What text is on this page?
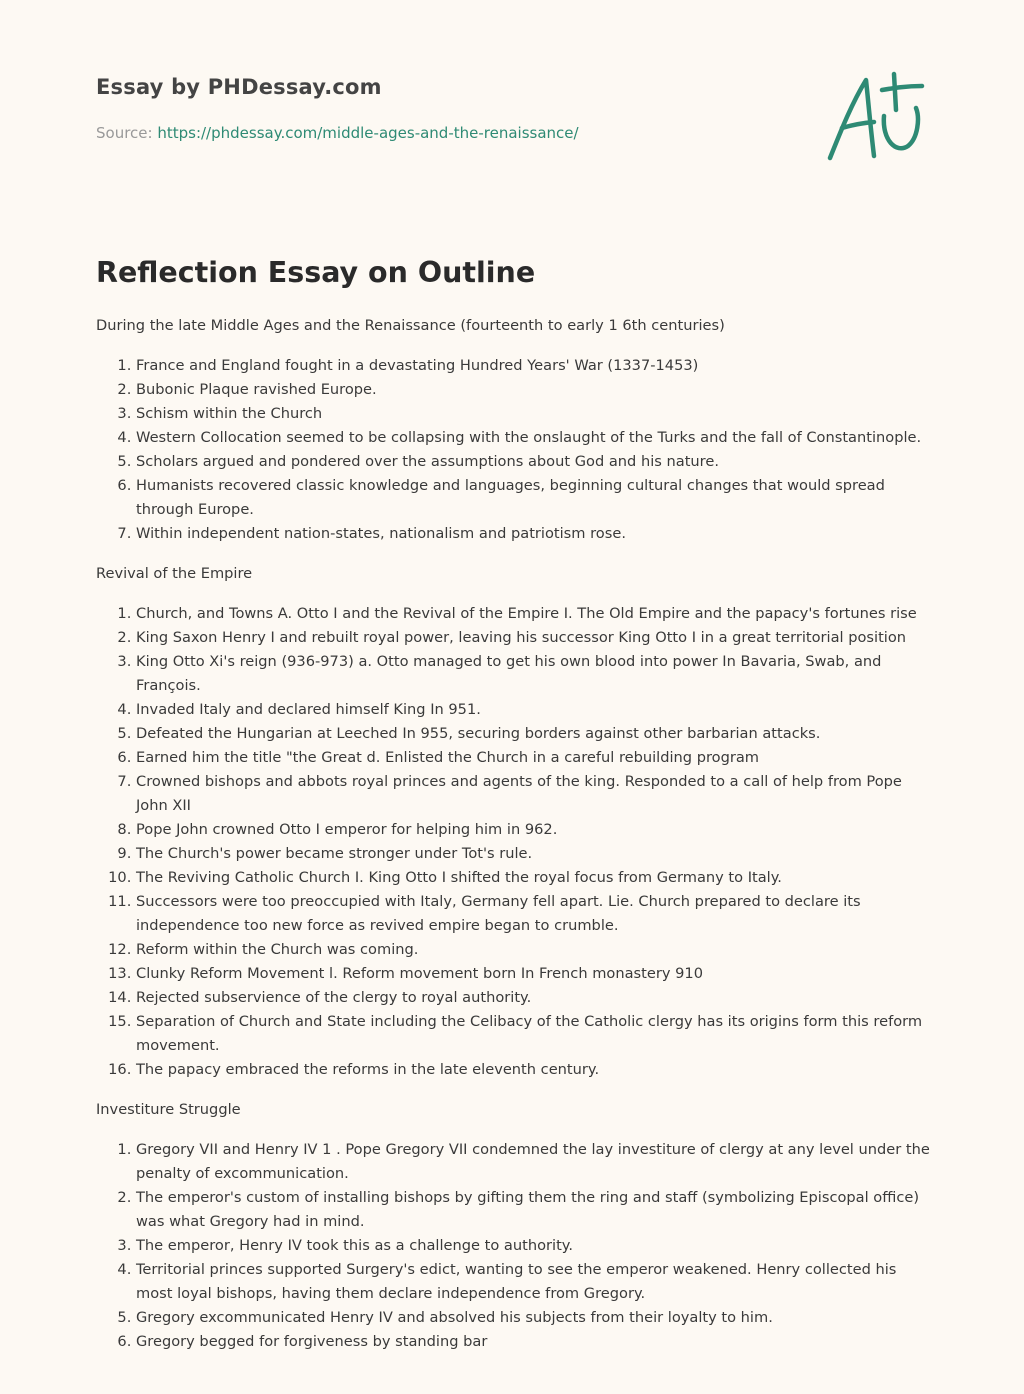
Essay by PHDessay.com
Source: https://phdessay.com/middle-ages-and-the-renaissance/
Reflection Essay on Outline

During the late Middle Ages and the Renaissance (fourteenth to early 1 6th centuries)

1. France and England fought in a devastating Hundred Years' War (1337-1453)
2. Bubonic Plaque ravished Europe.
3. Schism within the Church
4. Western Collocation seemed to be collapsing with the onslaught of the Turks and the fall of Constantinople.
5. Scholars argued and pondered over the assumptions about God and his nature.
6. Humanists recovered classic knowledge and languages, beginning cultural changes that would spread through Europe.
7. Within independent nation-states, nationalism and patriotism rose.

Revival of the Empire

1. Church, and Towns A. Otto I and the Revival of the Empire I. The Old Empire and the papacy's fortunes rise
2. King Saxon Henry I and rebuilt royal power, leaving his successor King Otto I in a great territorial position
3. King Otto Xi's reign (936-973) a. Otto managed to get his own blood into power In Bavaria, Swab, and François.
4. Invaded Italy and declared himself King In 951.
5. Defeated the Hungarian at Leeched In 955, securing borders against other barbarian attacks.
6. Earned him the title "the Great d. Enlisted the Church in a careful rebuilding program
7. Crowned bishops and abbots royal princes and agents of the king. Responded to a call of help from Pope John XII
8. Pope John crowned Otto I emperor for helping him in 962.
9. The Church's power became stronger under Tot's rule.
10. The Reviving Catholic Church I. King Otto I shifted the royal focus from Germany to Italy.
11. Successors were too preoccupied with Italy, Germany fell apart. Lie. Church prepared to declare its independence too new force as revived empire began to crumble.
12. Reform within the Church was coming.
13. Clunky Reform Movement l. Reform movement born In French monastery 910
14. Rejected subservience of the clergy to royal authority.
15. Separation of Church and State including the Celibacy of the Catholic clergy has its origins form this reform movement.
16. The papacy embraced the reforms in the late eleventh century.

Investiture Struggle

1. Gregory VII and Henry IV 1 . Pope Gregory VII condemned the lay investiture of clergy at any level under the penalty of excommunication.
2. The emperor's custom of installing bishops by gifting them the ring and staff (symbolizing Episcopal office) was what Gregory had in mind.
3. The emperor, Henry IV took this as a challenge to authority.
4. Territorial princes supported Surgery's edict, wanting to see the emperor weakened. Henry collected his most loyal bishops, having them declare independence from Gregory.
5. Gregory excommunicated Henry IV and absolved his subjects from their loyalty to him.
6. Gregory begged for forgiveness by standing bar
